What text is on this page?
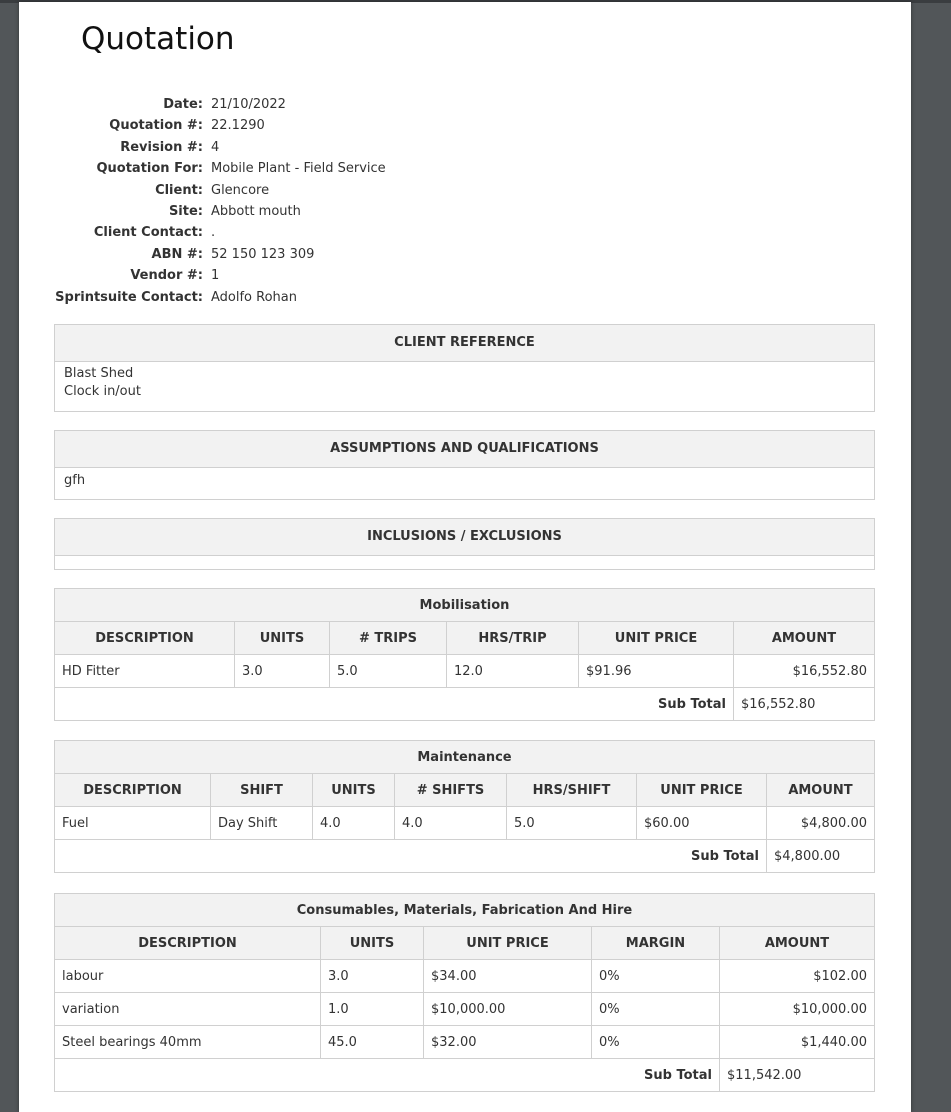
Quotation
Date:	21/10/2022
Quotation #:	22.1290
Revision #:	4
Quotation For:	Mobile Plant - Field Service
Client:	Glencore
Site:	Abbott mouth
Client Contact:	.
ABN #:	52 150 123 309
Vendor #:	1
Sprintsuite Contact:	Adolfo Rohan
CLIENT REFERENCE
Blast Shed
Clock in/out
ASSUMPTIONS AND QUALIFICATIONS
gfh
INCLUSIONS / EXCLUSIONS
Mobilisation					
DESCRIPTION	UNITS	# TRIPS	HRS/TRIP	UNIT PRICE	AMOUNT
HD Fitter	3.0	5.0	12.0	$91.96	$16,552.80
Sub Total					$16,552.80
Maintenance						
DESCRIPTION	SHIFT	UNITS	# SHIFTS	HRS/SHIFT	UNIT PRICE	AMOUNT
Fuel	Day Shift	4.0	4.0	5.0	$60.00	$4,800.00
Sub Total						$4,800.00
Consumables, Materials, Fabrication And Hire				
DESCRIPTION	UNITS	UNIT PRICE	MARGIN	AMOUNT
labour	3.0	$34.00	0%	$102.00
variation	1.0	$10,000.00	0%	$10,000.00
Steel bearings 40mm	45.0	$32.00	0%	$1,440.00
Sub Total				$11,542.00
